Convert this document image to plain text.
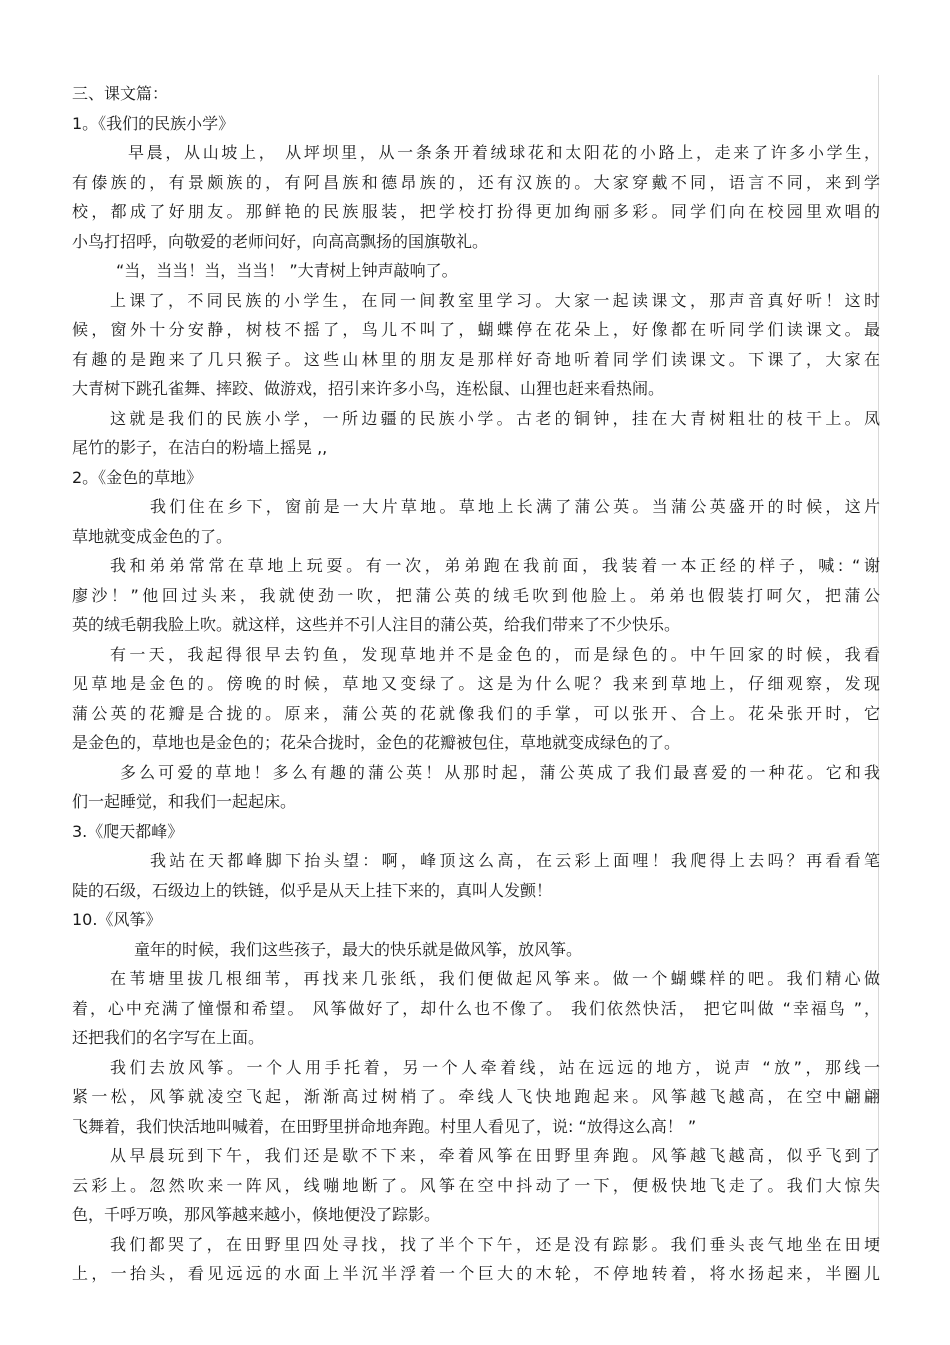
三、课文篇：
1。《我们的民族小学》
早晨，从山坡上， 从坪坝里，从一条条开着绒球花和太阳花的小路上，走来了许多小学生，
有傣族的，有景颇族的，有阿昌族和德昂族的，还有汉族的。大家穿戴不同，语言不同，来到学
校，都成了好朋友。那鲜艳的民族服装，把学校打扮得更加绚丽多彩。同学们向在校园里欢唱的
小鸟打招呼，向敬爱的老师问好，向高高飘扬的国旗敬礼。
“当，当当！当，当当！ ”大青树上钟声敲响了。
上课了，不同民族的小学生，在同一间教室里学习。大家一起读课文，那声音真好听！这时
候，窗外十分安静，树枝不摇了，鸟儿不叫了，蝴蝶停在花朵上，好像都在听同学们读课文。最
有趣的是跑来了几只猴子。这些山林里的朋友是那样好奇地听着同学们读课文。下课了，大家在
大青树下跳孔雀舞、摔跤、做游戏，招引来许多小鸟，连松鼠、山狸也赶来看热闹。
这就是我们的民族小学，一所边疆的民族小学。古老的铜钟，挂在大青树粗壮的枝干上。凤
尾竹的影子，在洁白的粉墙上摇晃 ,,
2。《金色的草地》
我们住在乡下，窗前是一大片草地。草地上长满了蒲公英。当蒲公英盛开的时候，这片
草地就变成金色的了。
我和弟弟常常在草地上玩耍。有一次，弟弟跑在我前面，我装着一本正经的样子，喊: “谢
廖沙！”他回过头来，我就使劲一吹，把蒲公英的绒毛吹到他脸上。弟弟也假装打呵欠，把蒲公
英的绒毛朝我脸上吹。就这样，这些并不引人注目的蒲公英，给我们带来了不少快乐。
有一天，我起得很早去钓鱼，发现草地并不是金色的，而是绿色的。中午回家的时候，我看
见草地是金色的。傍晚的时候，草地又变绿了。这是为什么呢？我来到草地上，仔细观察，发现
蒲公英的花瓣是合拢的。原来，蒲公英的花就像我们的手掌，可以张开、合上。花朵张开时，它
是金色的，草地也是金色的；花朵合拢时，金色的花瓣被包住，草地就变成绿色的了。
多么可爱的草地！多么有趣的蒲公英！从那时起，蒲公英成了我们最喜爱的一种花。它和我
们一起睡觉，和我们一起起床。
3.《爬天都峰》
我站在天都峰脚下抬头望：啊，峰顶这么高，在云彩上面哩！我爬得上去吗？再看看笔
陡的石级，石级边上的铁链，似乎是从天上挂下来的，真叫人发颤！
10.《风筝》
童年的时候，我们这些孩子，最大的快乐就是做风筝，放风筝。
在苇塘里拔几根细苇，再找来几张纸，我们便做起风筝来。做一个蝴蝶样的吧。我们精心做
着，心中充满了憧憬和希望。 风筝做好了，却什么也不像了。 我们依然快活， 把它叫做 “幸福鸟 ”，
还把我们的名字写在上面。
我们去放风筝。一个人用手托着，另一个人牵着线，站在远远的地方，说声 “放”，那线一
紧一松，风筝就凌空飞起，渐渐高过树梢了。牵线人飞快地跑起来。风筝越飞越高，在空中翩翩
飞舞着，我们快活地叫喊着，在田野里拼命地奔跑。村里人看见了，说: “放得这么高！ ”
从早晨玩到下午，我们还是歇不下来，牵着风筝在田野里奔跑。风筝越飞越高，似乎飞到了
云彩上。忽然吹来一阵风，线嘣地断了。风筝在空中抖动了一下，便极快地飞走了。我们大惊失
色，千呼万唤，那风筝越来越小，倏地便没了踪影。
我们都哭了，在田野里四处寻找，找了半个下午，还是没有踪影。我们垂头丧气地坐在田埂
上，一抬头，看见远远的水面上半沉半浮着一个巨大的木轮，不停地转着，将水扬起来，半圈儿
